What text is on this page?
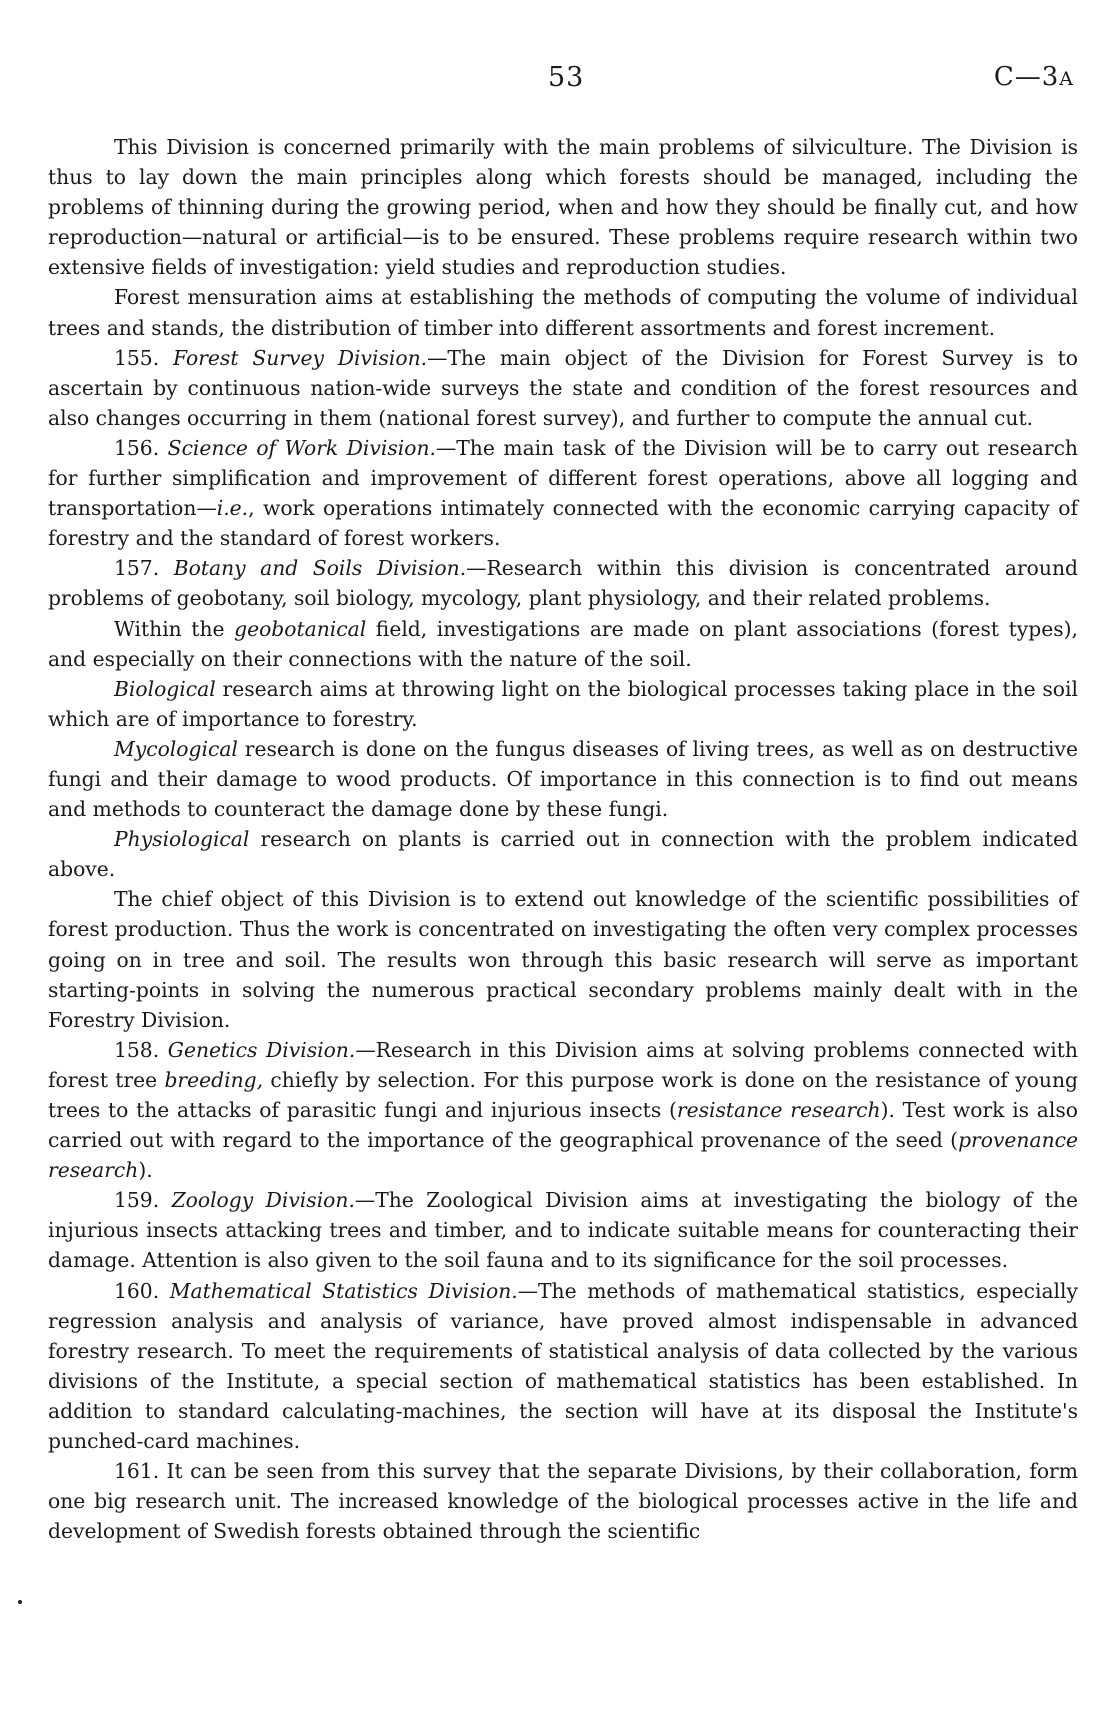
53	C—3A

This Division is concerned primarily with the main problems of silviculture. The Division is thus to lay down the main principles along which forests should be managed, including the problems of thinning during the growing period, when and how they should be finally cut, and how reproduction—natural or artificial—is to be ensured. These problems require research within two extensive fields of investigation: yield studies and reproduction studies.

Forest mensuration aims at establishing the methods of computing the volume of individual trees and stands, the distribution of timber into different assortments and forest increment.

155. Forest Survey Division.—The main object of the Division for Forest Survey is to ascertain by continuous nation-wide surveys the state and condition of the forest resources and also changes occurring in them (national forest survey), and further to compute the annual cut.

156. Science of Work Division.—The main task of the Division will be to carry out research for further simplification and improvement of different forest operations, above all logging and transportation—i.e., work operations intimately connected with the economic carrying capacity of forestry and the standard of forest workers.

157. Botany and Soils Division.—Research within this division is concentrated around problems of geobotany, soil biology, mycology, plant physiology, and their related problems.

Within the geobotanical field, investigations are made on plant associations (forest types), and especially on their connections with the nature of the soil.

Biological research aims at throwing light on the biological processes taking place in the soil which are of importance to forestry.

Mycological research is done on the fungus diseases of living trees, as well as on destructive fungi and their damage to wood products. Of importance in this connection is to find out means and methods to counteract the damage done by these fungi.

Physiological research on plants is carried out in connection with the problem indicated above.

The chief object of this Division is to extend out knowledge of the scientific possibilities of forest production. Thus the work is concentrated on investigating the often very complex processes going on in tree and soil. The results won through this basic research will serve as important starting-points in solving the numerous practical secondary problems mainly dealt with in the Forestry Division.

158. Genetics Division.—Research in this Division aims at solving problems connected with forest tree breeding, chiefly by selection. For this purpose work is done on the resistance of young trees to the attacks of parasitic fungi and injurious insects (resistance research). Test work is also carried out with regard to the importance of the geographical provenance of the seed (provenance research).

159. Zoology Division.—The Zoological Division aims at investigating the biology of the injurious insects attacking trees and timber, and to indicate suitable means for counteracting their damage. Attention is also given to the soil fauna and to its significance for the soil processes.

160. Mathematical Statistics Division.—The methods of mathematical statistics, especially regression analysis and analysis of variance, have proved almost indispensable in advanced forestry research. To meet the requirements of statistical analysis of data collected by the various divisions of the Institute, a special section of mathematical statistics has been established. In addition to standard calculating-machines, the section will have at its disposal the Institute's punched-card machines.

161. It can be seen from this survey that the separate Divisions, by their collaboration, form one big research unit. The increased knowledge of the biological processes active in the life and development of Swedish forests obtained through the scientific
